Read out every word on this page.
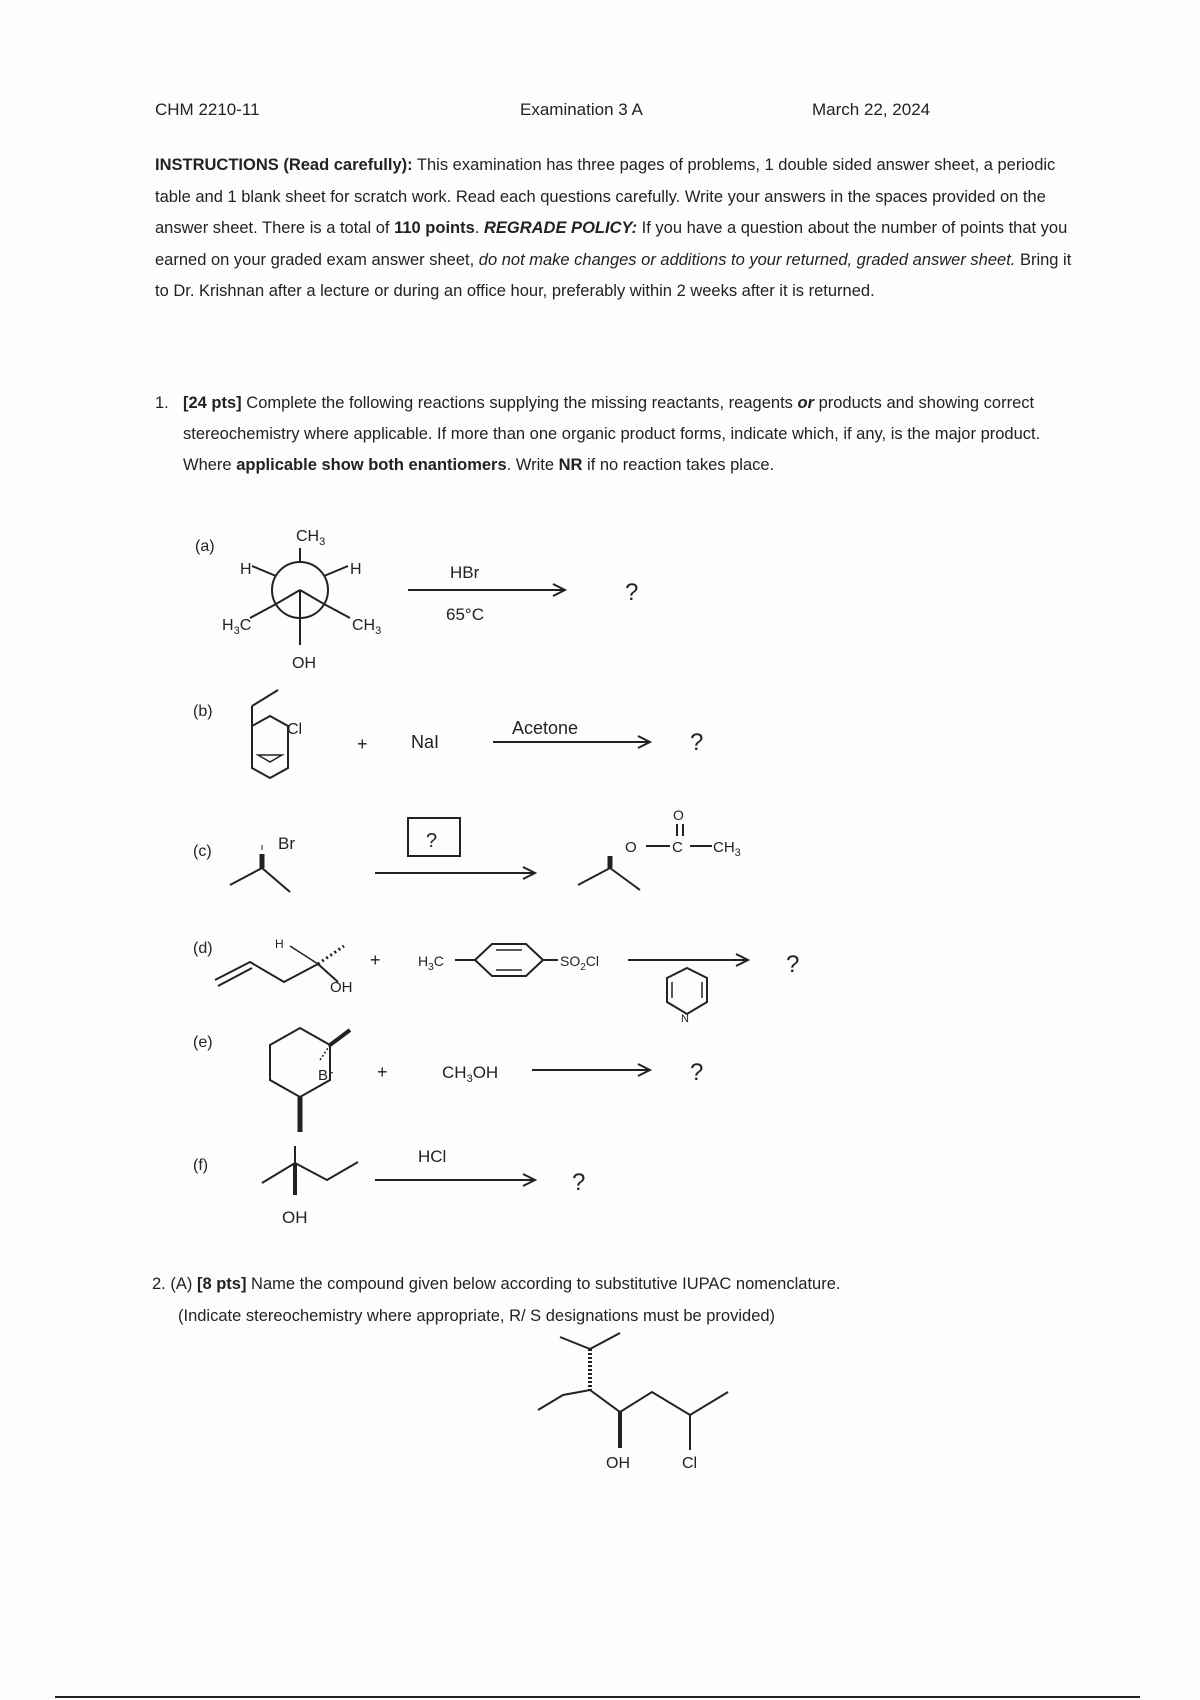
CHM 2210-11	Examination 3 A	March 22, 2024
INSTRUCTIONS (Read carefully): This examination has three pages of problems, 1 double sided answer sheet, a periodic table and 1 blank sheet for scratch work. Read each questions carefully. Write your answers in the spaces provided on the answer sheet. There is a total of 110 points. REGRADE POLICY: If you have a question about the number of points that you earned on your graded exam answer sheet, do not make changes or additions to your returned, graded answer sheet. Bring it to Dr. Krishnan after a lecture or during an office hour, preferably within 2 weeks after it is returned.
1. [24 pts] Complete the following reactions supplying the missing reactants, reagents or products and showing correct stereochemistry where applicable. If more than one organic product forms, indicate which, if any, is the major product. Where applicable show both enantiomers. Write NR if no reaction takes place.
(a)
$CH_3$
H	H
$H_3C$	$CH_3$
OH
HBr
65°C
?
(b)
Cl
+ NaI
Acetone
?
(c)	Br	?
O
O C $CH_3$
(d)	H
OH
+	$H_3C$	$SO_2Cl$
N
?
(e)
Br +	$CH_3OH$	?
(f)
OH
HCl
?
OH	Cl
2. (A) [8 pts] Name the compound given below according to substitutive IUPAC nomenclature.
(Indicate stereochemistry where appropriate, R/ S designations must be provided)
